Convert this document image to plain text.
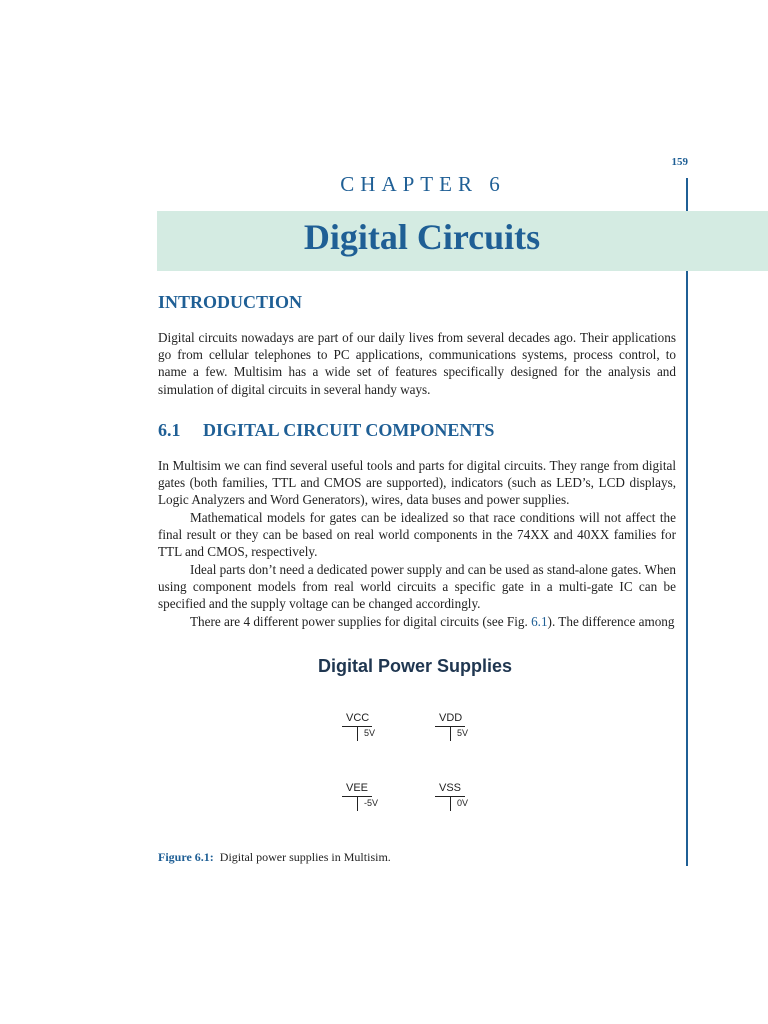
159
CHAPTER 6
Digital Circuits
INTRODUCTION

Digital circuits nowadays are part of our daily lives from several decades ago. Their applications go from cellular telephones to PC applications, communications systems, process control, to name a few. Multisim has a wide set of features specifically designed for the analysis and simulation of digital circuits in several handy ways.

6.1 DIGITAL CIRCUIT COMPONENTS

In Multisim we can find several useful tools and parts for digital circuits. They range from digital gates (both families, TTL and CMOS are supported), indicators (such as LED’s, LCD displays, Logic Analyzers and Word Generators), wires, data buses and power supplies.

Mathematical models for gates can be idealized so that race conditions will not affect the final result or they can be based on real world components in the 74XX and 40XX families for TTL and CMOS, respectively.

Ideal parts don’t need a dedicated power supply and can be used as stand-alone gates. When using component models from real world circuits a specific gate in a multi-gate IC can be specified and the supply voltage can be changed accordingly.

There are 4 different power supplies for digital circuits (see Fig. 6.1). The difference among

Digital Power Supplies
VCC
5V
VDD
5V
VEE
-5V
VSS
0V
Figure 6.1: Digital power supplies in Multisim.
